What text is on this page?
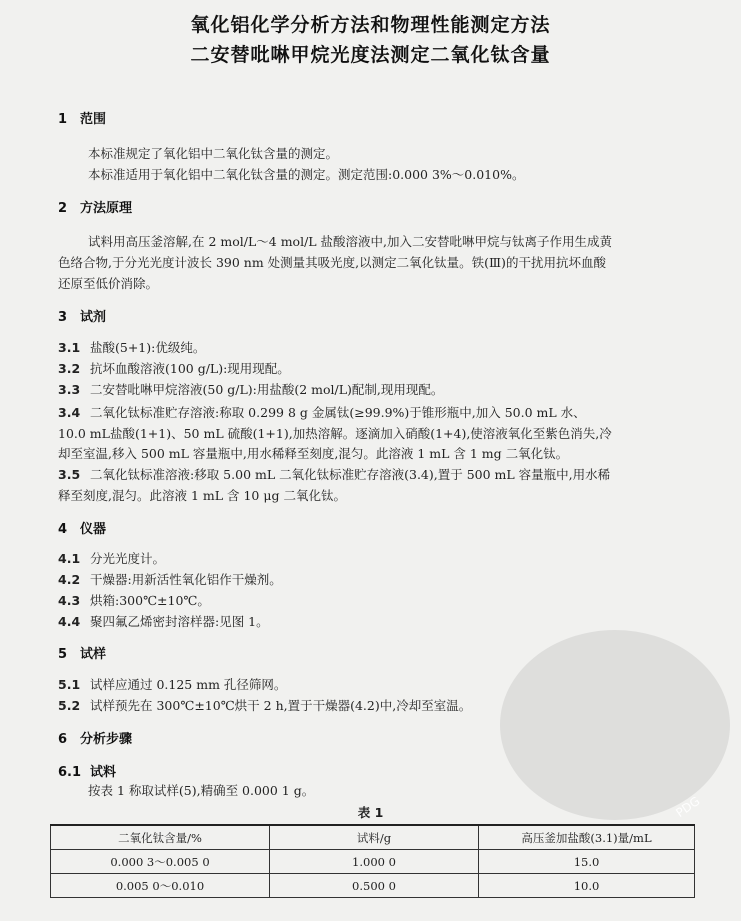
氧化铝化学分析方法和物理性能测定方法
二安替吡啉甲烷光度法测定二氧化钛含量
1 范围
本标准规定了氧化铝中二氧化钛含量的测定。
本标准适用于氧化铝中二氧化钛含量的测定。测定范围:0.000 3%～0.010%。
2 方法原理
试料用高压釜溶解,在 2 mol/L～4 mol/L 盐酸溶液中,加入二安替吡啉甲烷与钛离子作用生成黄
色络合物,于分光光度计波长 390 nm 处测量其吸光度,以测定二氧化钛量。铁(Ⅲ)的干扰用抗坏血酸
还原至低价消除。
3 试剂
3.1 盐酸(5+1):优级纯。
3.2 抗坏血酸溶液(100 g/L):现用现配。
3.3 二安替吡啉甲烷溶液(50 g/L):用盐酸(2 mol/L)配制,现用现配。
3.4 二氧化钛标准贮存溶液:称取 0.299 8 g 金属钛(≥99.9%)于锥形瓶中,加入 50.0 mL 水、
10.0 mL盐酸(1+1)、50 mL 硫酸(1+1),加热溶解。逐滴加入硝酸(1+4),使溶液氧化至紫色消失,冷
却至室温,移入 500 mL 容量瓶中,用水稀释至刻度,混匀。此溶液 1 mL 含 1 mg 二氧化钛。
3.5 二氧化钛标准溶液:移取 5.00 mL 二氧化钛标准贮存溶液(3.4),置于 500 mL 容量瓶中,用水稀
释至刻度,混匀。此溶液 1 mL 含 10 μg 二氧化钛。
4 仪器
4.1 分光光度计。
4.2 干燥器:用新活性氧化铝作干燥剂。
4.3 烘箱:300℃±10℃。
4.4 聚四氟乙烯密封溶样器:见图 1。
5 试样
5.1 试样应通过 0.125 mm 孔径筛网。
5.2 试样预先在 300℃±10℃烘干 2 h,置于干燥器(4.2)中,冷却至室温。
6 分析步骤
6.1 试料
按表 1 称取试样(5),精确至 0.000 1 g。
表 1
二氧化钛含量/%	试料/g	高压釜加盐酸(3.1)量/mL
0.000 3～0.005 0	1.000 0	15.0
0.005 0～0.010	0.500 0	10.0
PDG
